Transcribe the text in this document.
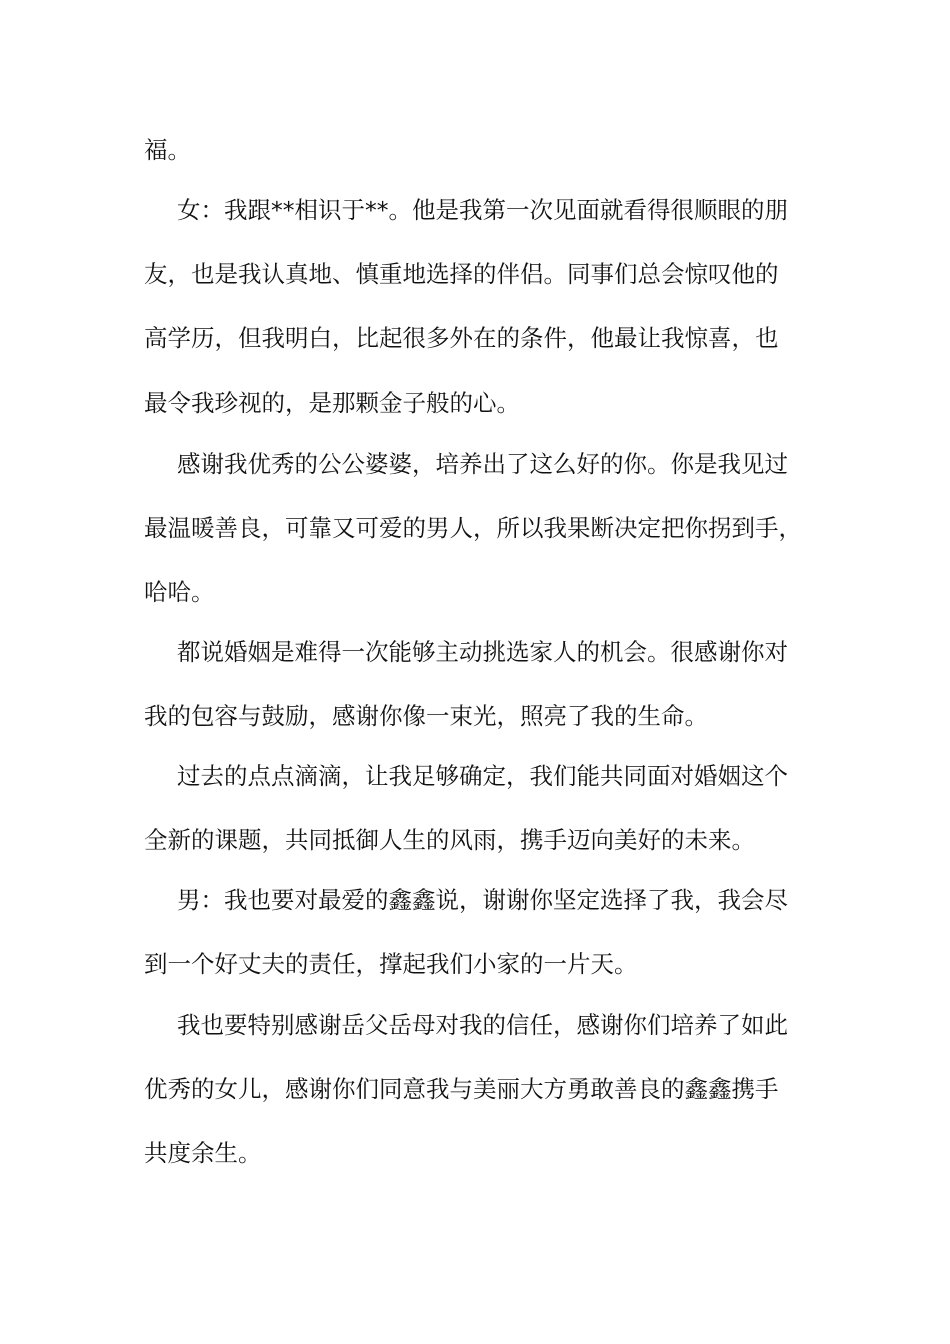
福。
女：我跟**相识于**。他是我第一次见面就看得很顺眼的朋
友，也是我认真地、慎重地选择的伴侣。同事们总会惊叹他的
高学历，但我明白，比起很多外在的条件，他最让我惊喜，也
最令我珍视的，是那颗金子般的心。
感谢我优秀的公公婆婆，培养出了这么好的你。你是我见过
最温暖善良，可靠又可爱的男人，所以我果断决定把你拐到手，
哈哈。
都说婚姻是难得一次能够主动挑选家人的机会。很感谢你对
我的包容与鼓励，感谢你像一束光，照亮了我的生命。
过去的点点滴滴，让我足够确定，我们能共同面对婚姻这个
全新的课题，共同抵御人生的风雨，携手迈向美好的未来。
男：我也要对最爱的鑫鑫说，谢谢你坚定选择了我，我会尽
到一个好丈夫的责任，撑起我们小家的一片天。
我也要特别感谢岳父岳母对我的信任，感谢你们培养了如此
优秀的女儿，感谢你们同意我与美丽大方勇敢善良的鑫鑫携手
共度余生。
